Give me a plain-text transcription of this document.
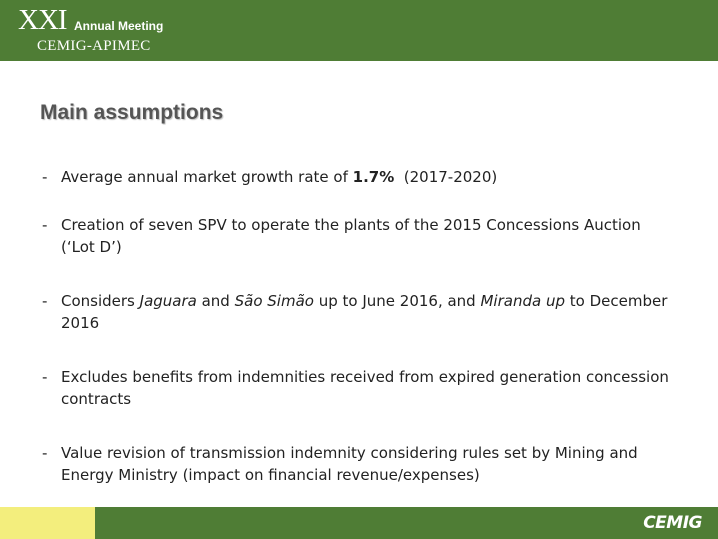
XXI Annual Meeting
CEMIG-APIMEC
Main assumptions
- Average annual market growth rate of 1.7%  (2017-2020)
- Creation of seven SPV to operate the plants of the 2015 Concessions Auction (‘Lot D’)
- Considers Jaguara and São Simão up to June 2016, and Miranda up to December 2016
- Excludes benefits from indemnities received from expired generation concession contracts
- Value revision of transmission indemnity considering rules set by Mining and Energy Ministry (impact on financial revenue/expenses)
CEMIG
